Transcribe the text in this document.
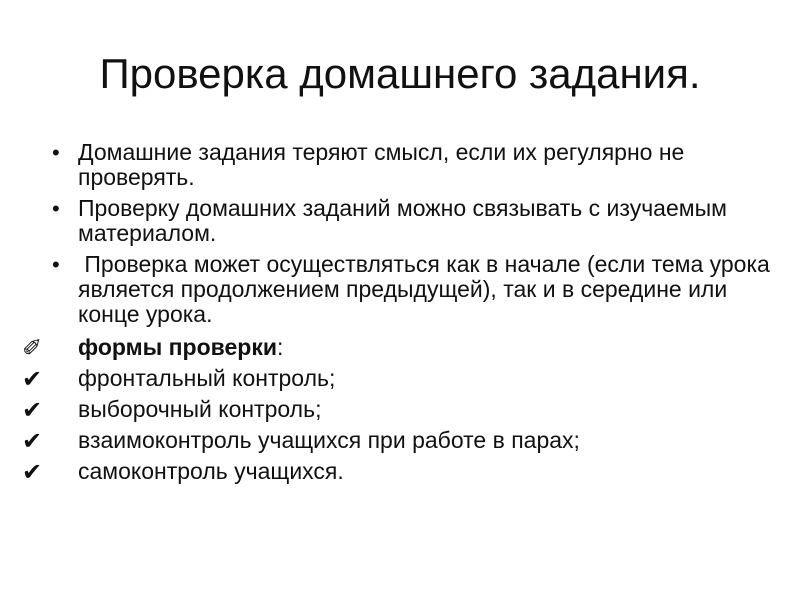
Проверка домашнего задания.
• Домашние задания теряют смысл, если их регулярно не проверять.
• Проверку домашних заданий можно связывать с изучаемым материалом.
• Проверка может осуществляться как в начале (если тема урока является продолжением предыдущей), так и в середине или конце урока.
✐	формы проверки:
✔	фронтальный контроль;
✔	выборочный контроль;
✔	взаимоконтроль учащихся при работе в парах;
✔	самоконтроль учащихся.
